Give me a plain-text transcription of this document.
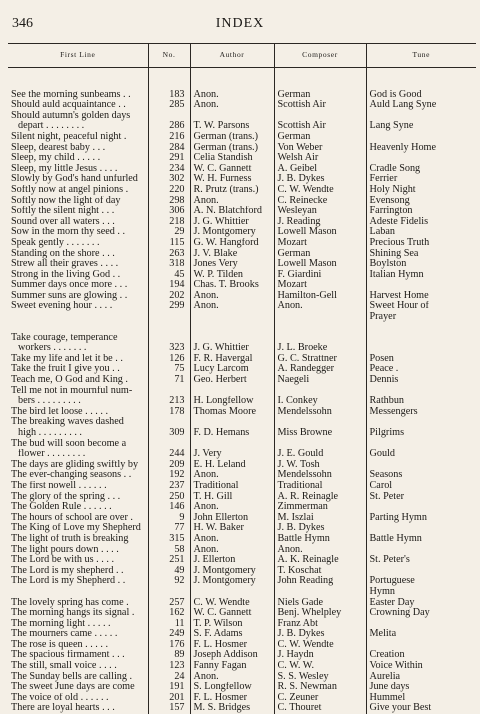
346	INDEX
First Line	No.	Author	Composer	Tune
See the morning sunbeams . .	183	Anon.	German	God is Good
Should auld acquaintance . .	285	Anon.	Scottish Air	Auld Lang Syne
Should autumn's golden days				
depart . . . . . . . .	286	T. W. Parsons	Scottish Air	Lang Syne
Silent night, peaceful night .	216	German (trans.)	German	
Sleep, dearest baby . . .	284	German (trans.)	Von Weber	Heavenly Home
Sleep, my child . . . . .	291	Celia Standish	Welsh Air	
Sleep, my little Jesus . . . .	234	W. C. Gannett	A. Geibel	Cradle Song
Slowly by God's hand unfurled	302	W. H. Furness	J. B. Dykes	Ferrier
Softly now at angel pinions .	220	R. Prutz (trans.)	C. W. Wendte	Holy Night
Softly now the light of day	298	Anon.	C. Reinecke	Evensong
Softly the silent night . . .	306	A. N. Blatchford	Wesleyan	Farrington
Sound over all waters . . .	218	J. G. Whittier	J. Reading	Adeste Fidelis
Sow in the morn thy seed . .	29	J. Montgomery	Lowell Mason	Laban
Speak gently . . . . . . .	115	G. W. Hangford	Mozart	Precious Truth
Standing on the shore . . .	263	J. V. Blake	German	Shining Sea
Strew all their graves . . . .	318	Jones Very	Lowell Mason	Boylston
Strong in the living God . .	45	W. P. Tilden	F. Giardini	Italian Hymn
Summer days once more . . .	194	Chas. T. Brooks	Mozart	
Summer suns are glowing . .	202	Anon.	Hamilton-Gell	Harvest Home
Sweet evening hour . . . .	299	Anon.	Anon.	Sweet Hour of
				Prayer

Take courage, temperance				
workers . . . . . . .	323	J. G. Whittier	J. L. Broeke	
Take my life and let it be . .	126	F. R. Havergal	G. C. Strattner	Posen
Take the fruit I give you . .	75	Lucy Larcom	A. Randegger	Peace .
Teach me, O God and King .	71	Geo. Herbert	Naegeli	Dennis
Tell me not in mournful num-				
bers . . . . . . . . .	213	H. Longfellow	I. Conkey	Rathbun
The bird let loose . . . . .	178	Thomas Moore	Mendelssohn	Messengers
The breaking waves dashed				
high . . . . . . . . .	309	F. D. Hemans	Miss Browne	Pilgrims
The bud will soon become a				
flower . . . . . . . .	244	J. Very	J. E. Gould	Gould
The days are gliding swiftly by	209	E. H. Leland	J. W. Tosh	
The ever-changing seasons . .	192	Anon.	Mendelssohn	Seasons
The first nowell . . . . . .	237	Traditional	Traditional	Carol
The glory of the spring . . .	250	T. H. Gill	A. R. Reinagle	St. Peter
The Golden Rule . . . . . .	146	Anon.	Zimmerman	
The hours of school are over .	9	John Ellerton	M. Iszlai	Parting Hymn
The King of Love my Shepherd	77	H. W. Baker	J. B. Dykes	
The light of truth is breaking	315	Anon.	Battle Hymn	Battle Hymn
The light pours down . . . .	58	Anon.	Anon.	
The Lord be with us . . . .	251	J. Ellerton	A. K. Reinagle	St. Peter's
The Lord is my shepherd . .	49	J. Montgomery	T. Koschat	
The Lord is my Shepherd . .	92	J. Montgomery	John Reading	Portuguese
				Hymn
The lovely spring has come .	257	C. W. Wendte	Niels Gade	Easter Day
The morning hangs its signal .	162	W. C. Gannett	Benj. Whelpley	Crowning Day
The morning light . . . . .	11	T. P. Wilson	Franz Abt	
The mourners came . . . . .	249	S. F. Adams	J. B. Dykes	Melita
The rose is queen . . . . .	176	F. L. Hosmer	C. W. Wendte	
The spacious firmament . . .	89	Joseph Addison	J. Haydn	Creation
The still, small voice . . . .	123	Fanny Fagan	C. W. W.	Voice Within
The Sunday bells are calling .	24	Anon.	S. S. Wesley	Aurelia
The sweet June days are come	191	S. Longfellow	R. S. Newman	June days
The voice of old . . . . . .	201	F. L. Hosmer	C. Zeuner	Hummel
There are loyal hearts . . .	157	M. S. Bridges	C. Thouret	Give your Best
